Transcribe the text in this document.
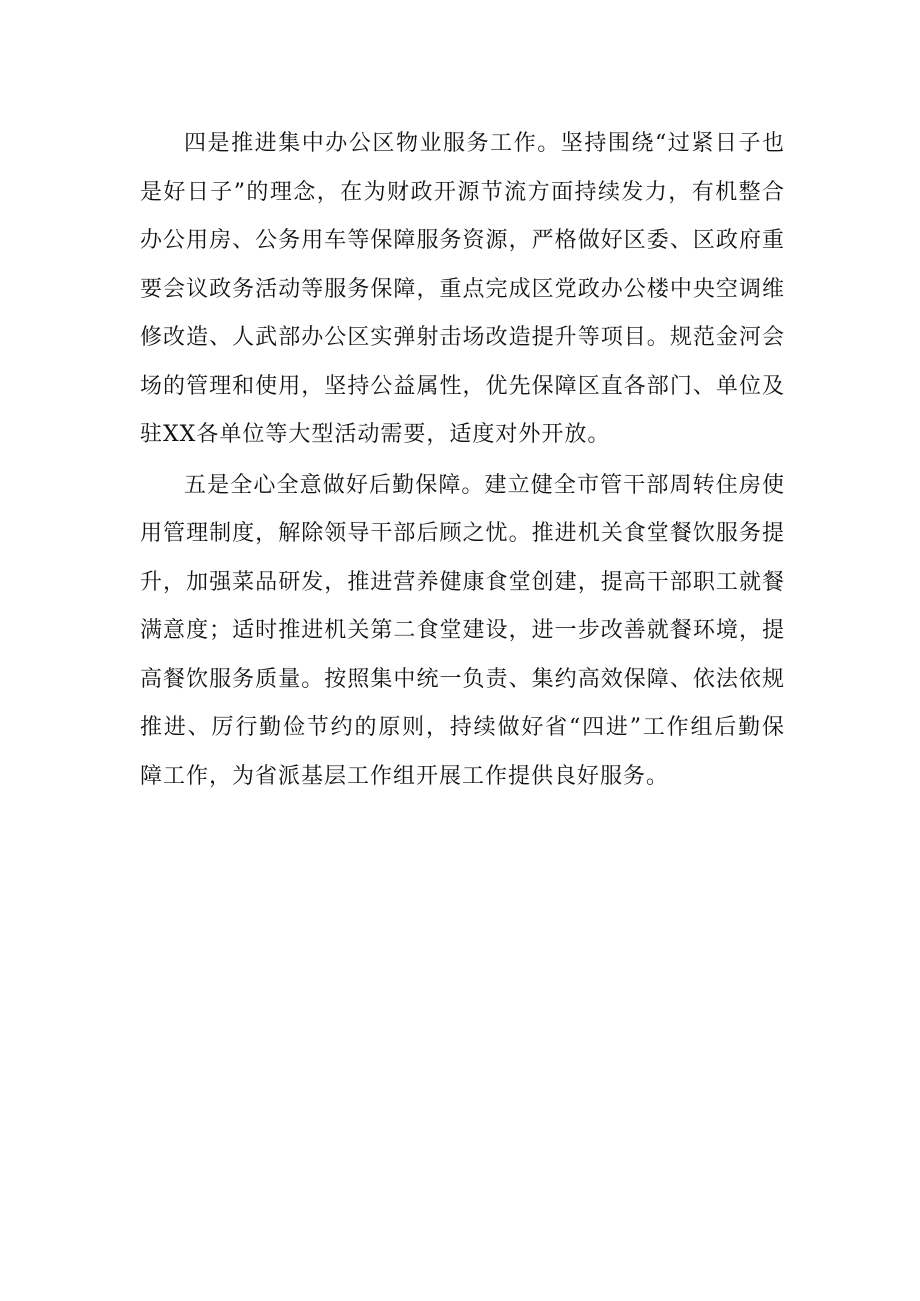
四是推进集中办公区物业服务工作。坚持围绕“过紧日子也是好日子”的理念，在为财政开源节流方面持续发力，有机整合办公用房、公务用车等保障服务资源，严格做好区委、区政府重要会议政务活动等服务保障，重点完成区党政办公楼中央空调维修改造、人武部办公区实弹射击场改造提升等项目。规范金河会场的管理和使用，坚持公益属性，优先保障区直各部门、单位及驻XX各单位等大型活动需要，适度对外开放。

五是全心全意做好后勤保障。建立健全市管干部周转住房使用管理制度，解除领导干部后顾之忧。推进机关食堂餐饮服务提升，加强菜品研发，推进营养健康食堂创建，提高干部职工就餐满意度；适时推进机关第二食堂建设，进一步改善就餐环境，提高餐饮服务质量。按照集中统一负责、集约高效保障、依法依规推进、厉行勤俭节约的原则，持续做好省“四进”工作组后勤保障工作，为省派基层工作组开展工作提供良好服务。
